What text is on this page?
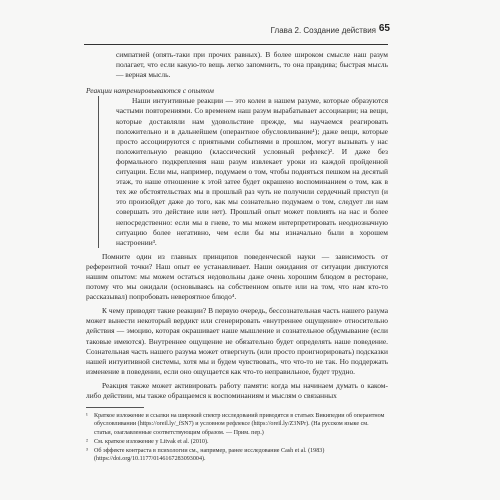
Глава 2. Создание действия 65

симпатией (опять-таки при прочих равных). В более широком смысле наш разум полагает, что если какую-то вещь легко запомнить, то она правдива; быстрая мысль — верная мысль.

Реакции натренировываются с опытом

Наши интуитивные реакции — это колеи в нашем разуме, которые образуются частыми повторениями. Со временем наш разум вырабатывает ассоциации; на вещи, которые доставляли нам удовольствие прежде, мы научаемся реагировать положительно и в дальнейшем (оперантное обусловливание¹); даже вещи, которые просто ассоциируются с приятными событиями в прошлом, могут вызывать у нас положительную реакцию (классический условный рефлекс)². И даже без формального подкрепления наш разум извлекает уроки из каждой пройденной ситуации. Если мы, например, подумаем о том, чтобы подняться пешком на десятый этаж, то наше отношение к этой затее будет окрашено воспоминанием о том, как в тех же обстоятельствах мы в прошлый раз чуть не получили сердечный приступ (и это произойдет даже до того, как мы сознательно подумаем о том, следует ли нам совершать это действие или нет). Прошлый опыт может повлиять на нас и более непосредственно: если мы в гневе, то мы можем интерпретировать неоднозначную ситуацию более негативно, чем если бы мы изначально были в хорошем настроении³.

Помните один из главных принципов поведенческой науки — зависимость от референтной точки? Наш опыт ее устанавливает. Наши ожидания от ситуации диктуются нашим опытом: мы можем остаться недовольны даже очень хорошим блюдом в ресторане, потому что мы ожидали (основываясь на собственном опыте или на том, что нам кто-то рассказывал) попробовать невероятное блюдо⁴.

К чему приводят такие реакции? В первую очередь, бессознательная часть нашего разума может вынести некоторый вердикт или сгенерировать «внутреннее ощущение» относительно действия — эмоцию, которая окрашивает наше мышление и сознательное обдумывание (если таковые имеются). Внутреннее ощущение не обязательно будет определять наше поведение. Сознательная часть нашего разума может отвергнуть (или просто проигнорировать) подсказки нашей интуитивной системы, хотя мы и будем чувствовать, что что-то не так. Но поддержать изменение в поведении, если оно ощущается как что-то неправильное, будет трудно.

Реакция также может активировать работу памяти: когда мы начинаем думать о каком-либо действии, мы также обращаемся к воспоминаниям и мыслям о связанных

¹ Краткое изложение и ссылки на широкий спектр исследований приводятся в статьях Википедии об оперантном обусловливании (https://oreil.ly/_fSN7) и условном рефлексе (https://oreil.ly/Z3NPr). (На русском языке см. статьи, озаглавленные соответствующим образом. — Прим. пер.)
² См. краткое изложение у Litvak et al. (2010).
³ Об эффекте контраста в психологии см., например, ранее исследование Cash et al. (1983) (https://doi.org/10.1177/0146167283093004).
